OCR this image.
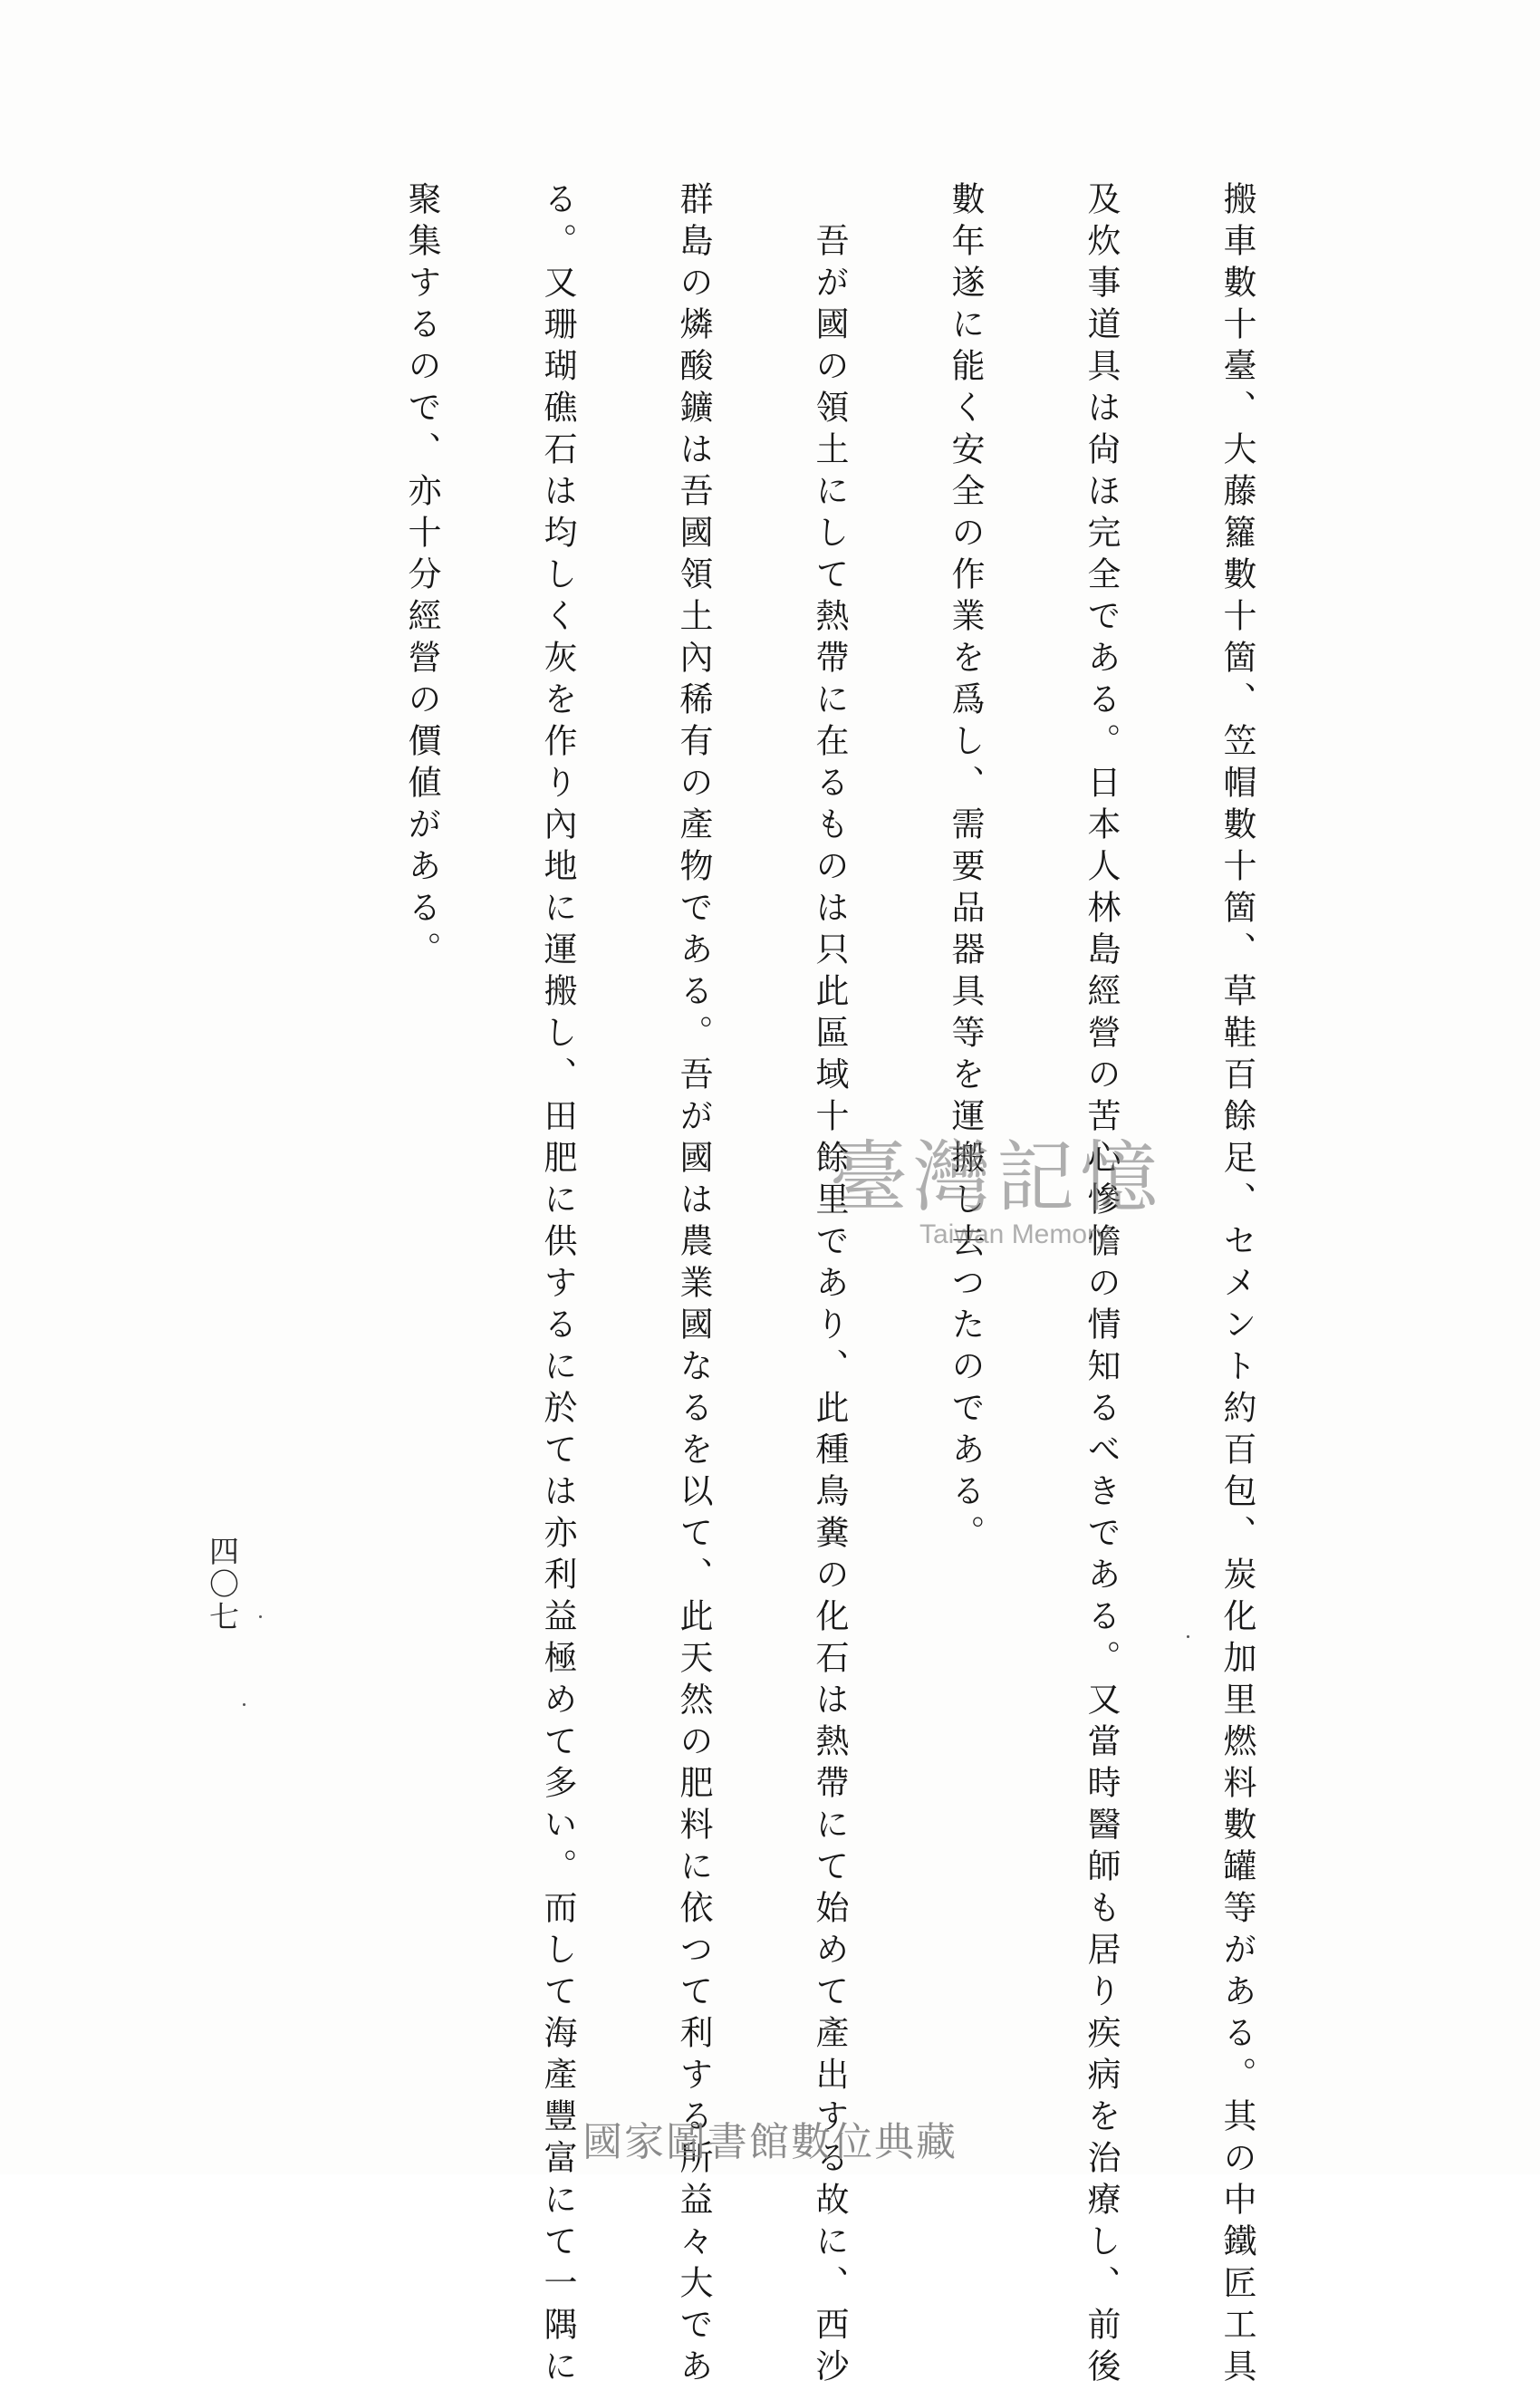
搬車數十臺、大藤籮數十箇、笠帽數十箇、草鞋百餘足、セメント約百包、炭化加里燃料數罐等がある。其の中鐵匠工具

及炊事道具は尙ほ完全である。日本人林島經營の苦心慘憺の情知るべきである。又當時醫師も居り疾病を治療し、前後

數年遂に能く安全の作業を爲し、需要品器具等を運搬し去つたのである。

　吾が國の領土にして熱帶に在るものは只此區域十餘里であり、此種鳥糞の化石は熱帶にて始めて產出する故に、西沙

群島の燐酸鑛は吾國領土內稀有の產物である。吾が國は農業國なるを以て、此天然の肥料に依つて利する所益々大であ

る。又珊瑚礁石は均しく灰を作り內地に運搬し、田肥に供するに於ては亦利益極めて多い。而して海產豐富にて一隅に

聚集するので、亦十分經營の價値がある。

四〇七
臺灣記憶
Taiwan Memory
國家圖書館數位典藏
